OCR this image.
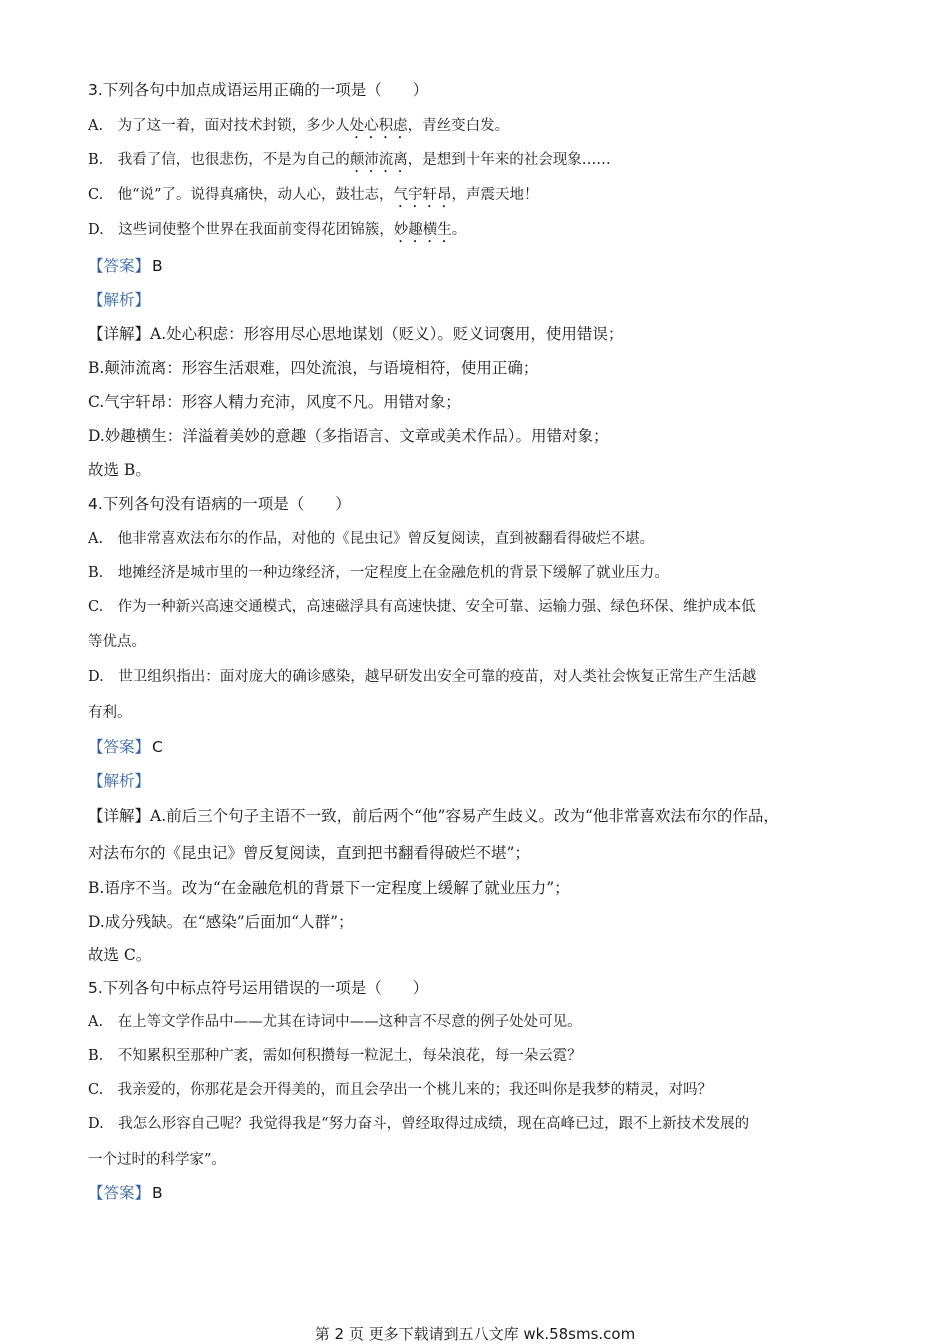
3.下列各句中加点成语运用正确的一项是（　　）
A.　为了这一着，面对技术封锁，多少人处心积虑，青丝变白发。
B.　我看了信，也很悲伤，不是为自己的颠沛流离，是想到十年来的社会现象……
C.　他“说”了。说得真痛快，动人心，鼓壮志，气宇轩昂，声震天地！
D.　这些词使整个世界在我面前变得花团锦簇，妙趣横生。
【答案】 B
【解析】
【详解】A.处心积虑：形容用尽心思地谋划（贬义）。贬义词褒用，使用错误；
B.颠沛流离：形容生活艰难，四处流浪，与语境相符，使用正确；
C.气宇轩昂：形容人精力充沛，风度不凡。用错对象；
D.妙趣横生：洋溢着美妙的意趣（多指语言、文章或美术作品）。用错对象；
故选 B。
4.下列各句没有语病的一项是（　　）
A.　他非常喜欢法布尔的作品，对他的《昆虫记》曾反复阅读，直到被翻看得破烂不堪。
B.　地摊经济是城市里的一种边缘经济，一定程度上在金融危机的背景下缓解了就业压力。
C.　作为一种新兴高速交通模式，高速磁浮具有高速快捷、安全可靠、运输力强、绿色环保、维护成本低
等优点。
D.　世卫组织指出：面对庞大的确诊感染，越早研发出安全可靠的疫苗，对人类社会恢复正常生产生活越
有利。
【答案】 C
【解析】
【详解】A.前后三个句子主语不一致，前后两个“他”容易产生歧义。改为“他非常喜欢法布尔的作品，
对法布尔的《昆虫记》曾反复阅读，直到把书翻看得破烂不堪”；
B.语序不当。改为“在金融危机的背景下一定程度上缓解了就业压力”；
D.成分残缺。在“感染”后面加“人群”；
故选 C。
5.下列各句中标点符号运用错误的一项是（　　）
A.　在上等文学作品中——尤其在诗词中——这种言不尽意的例子处处可见。
B.　不知累积至那种广袤，需如何积攒每一粒泥土，每朵浪花，每一朵云霓？
C.　我亲爱的，你那花是会开得美的，而且会孕出一个桃儿来的；我还叫你是我梦的精灵，对吗？
D.　我怎么形容自己呢？我觉得我是“努力奋斗，曾经取得过成绩，现在高峰已过，跟不上新技术发展的
一个过时的科学家”。
【答案】 B
第 2 页 更多下载请到五八文库 wk.58sms.com
